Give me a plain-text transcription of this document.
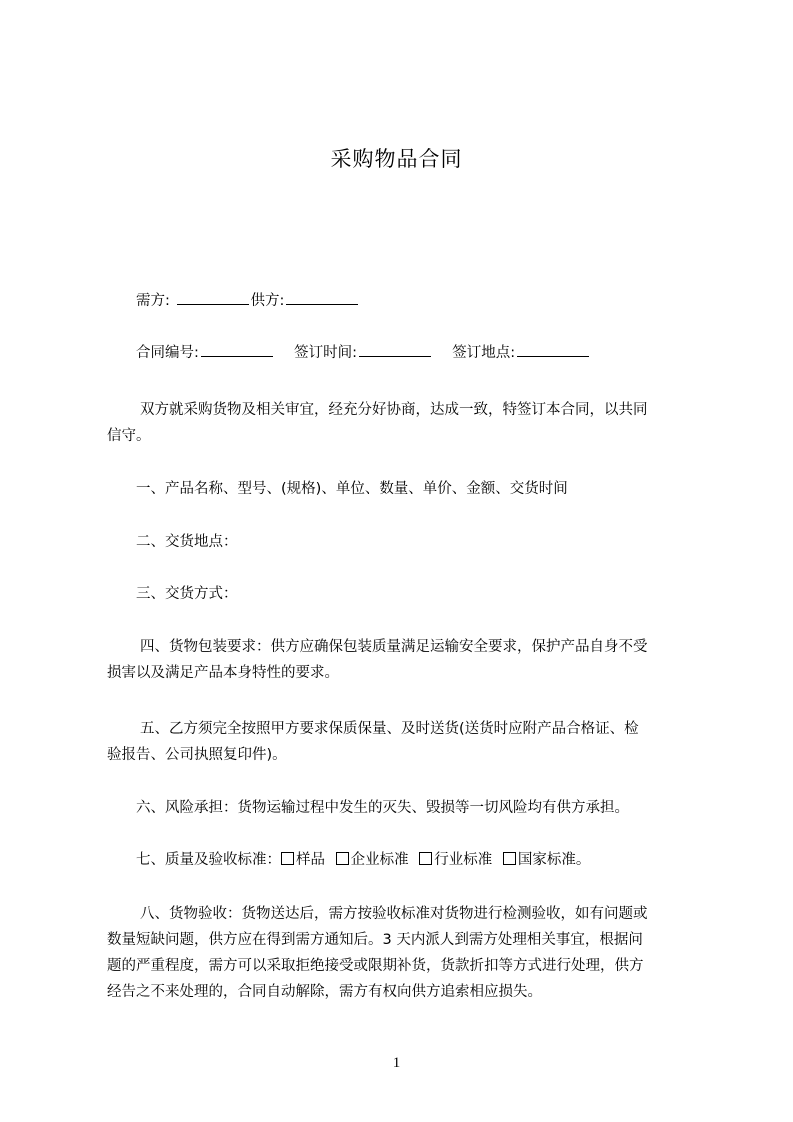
采购物品合同
需方:	供方:
合同编号:	签订时间:	签订地点:

双方就采购货物及相关审宜，经充分好协商，达成一致，特签订本合同，以共同

信守。

一、产品名称、型号、(规格)、单位、数量、单价、金额、交货时间
二、交货地点：
三、交货方式：

四、货物包装要求：供方应确保包装质量满足运输安全要求，保护产品自身不受

损害以及满足产品本身特性的要求。

五、乙方须完全按照甲方要求保质保量、及时送货(送货时应附产品合格证、检

验报告、公司执照复印件)。

六、风险承担：货物运输过程中发生的灭失、毁损等一切风险均有供方承担。
七、质量及验收标准： 样品 企业标准 行业标准 国家标准。

八、货物验收：货物送达后，需方按验收标准对货物进行检测验收，如有问题或

数量短缺问题，供方应在得到需方通知后。3 天内派人到需方处理相关事宜，根据问

题的严重程度，需方可以采取拒绝接受或限期补货，货款折扣等方式进行处理，供方

经告之不来处理的，合同自动解除，需方有权向供方追索相应损失。

1
